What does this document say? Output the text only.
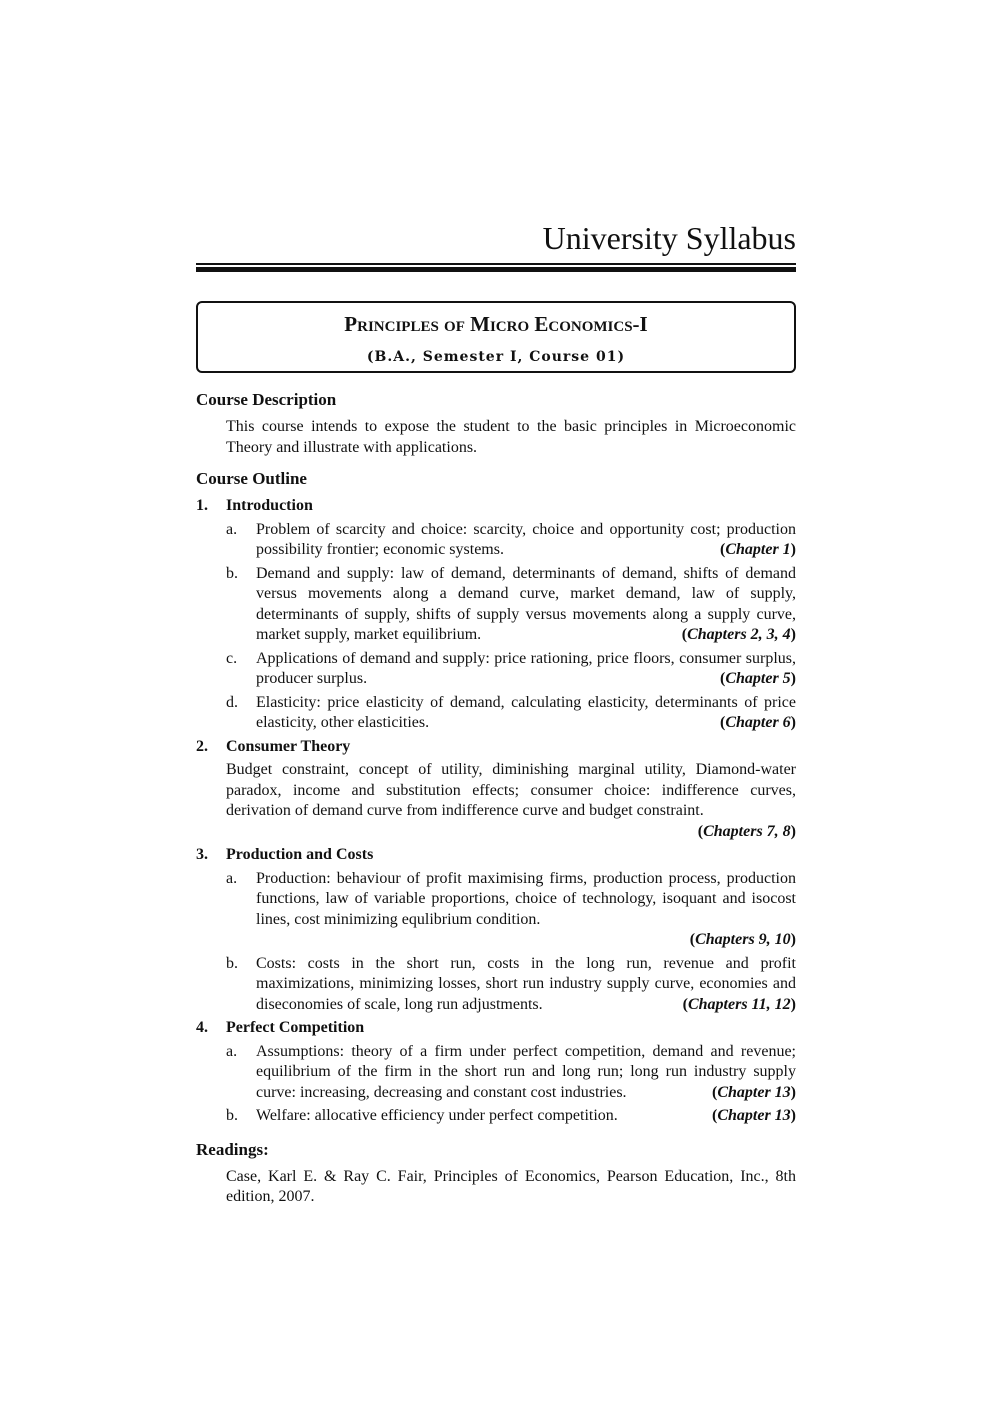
University Syllabus
Principles of Micro Economics-I
(B.A., Semester I, Course 01)
Course Description

This course intends to expose the student to the basic principles in Microeconomic Theory and illustrate with applications.

Course Outline
1. Introduction
a. Problem of scarcity and choice: scarcity, choice and opportunity cost; production possibility frontier; economic systems.	(Chapter 1)
b. Demand and supply: law of demand, determinants of demand, shifts of demand versus movements along a demand curve, market demand, law of supply, determinants of supply, shifts of supply versus movements along a supply curve, market supply, market equilibrium.	(Chapters 2, 3, 4)
c. Applications of demand and supply: price rationing, price floors, consumer surplus, producer surplus.	(Chapter 5)
d. Elasticity: price elasticity of demand, calculating elasticity, determinants of price elasticity, other elasticities.	(Chapter 6)
2. Consumer Theory

Budget constraint, concept of utility, diminishing marginal utility, Diamond-water paradox, income and substitution effects; consumer choice: indifference curves, derivation of demand curve from indifference curve and budget constraint.

(Chapters 7, 8)
3. Production and Costs
a. Production: behaviour of profit maximising firms, production process, production functions, law of variable proportions, choice of technology, isoquant and isocost lines, cost minimizing equlibrium condition.
(Chapters 9, 10)
b. Costs: costs in the short run, costs in the long run, revenue and profit maximizations, minimizing losses, short run industry supply curve, economies and diseconomies of scale, long run adjustments.	(Chapters 11, 12)
4. Perfect Competition
a. Assumptions: theory of a firm under perfect competition, demand and revenue; equilibrium of the firm in the short run and long run; long run industry supply curve: increasing, decreasing and constant cost industries.	(Chapter 13)
b. Welfare: allocative efficiency under perfect competition.	(Chapter 13)
Readings:

Case, Karl E. & Ray C. Fair, Principles of Economics, Pearson Education, Inc., 8th edition, 2007.
